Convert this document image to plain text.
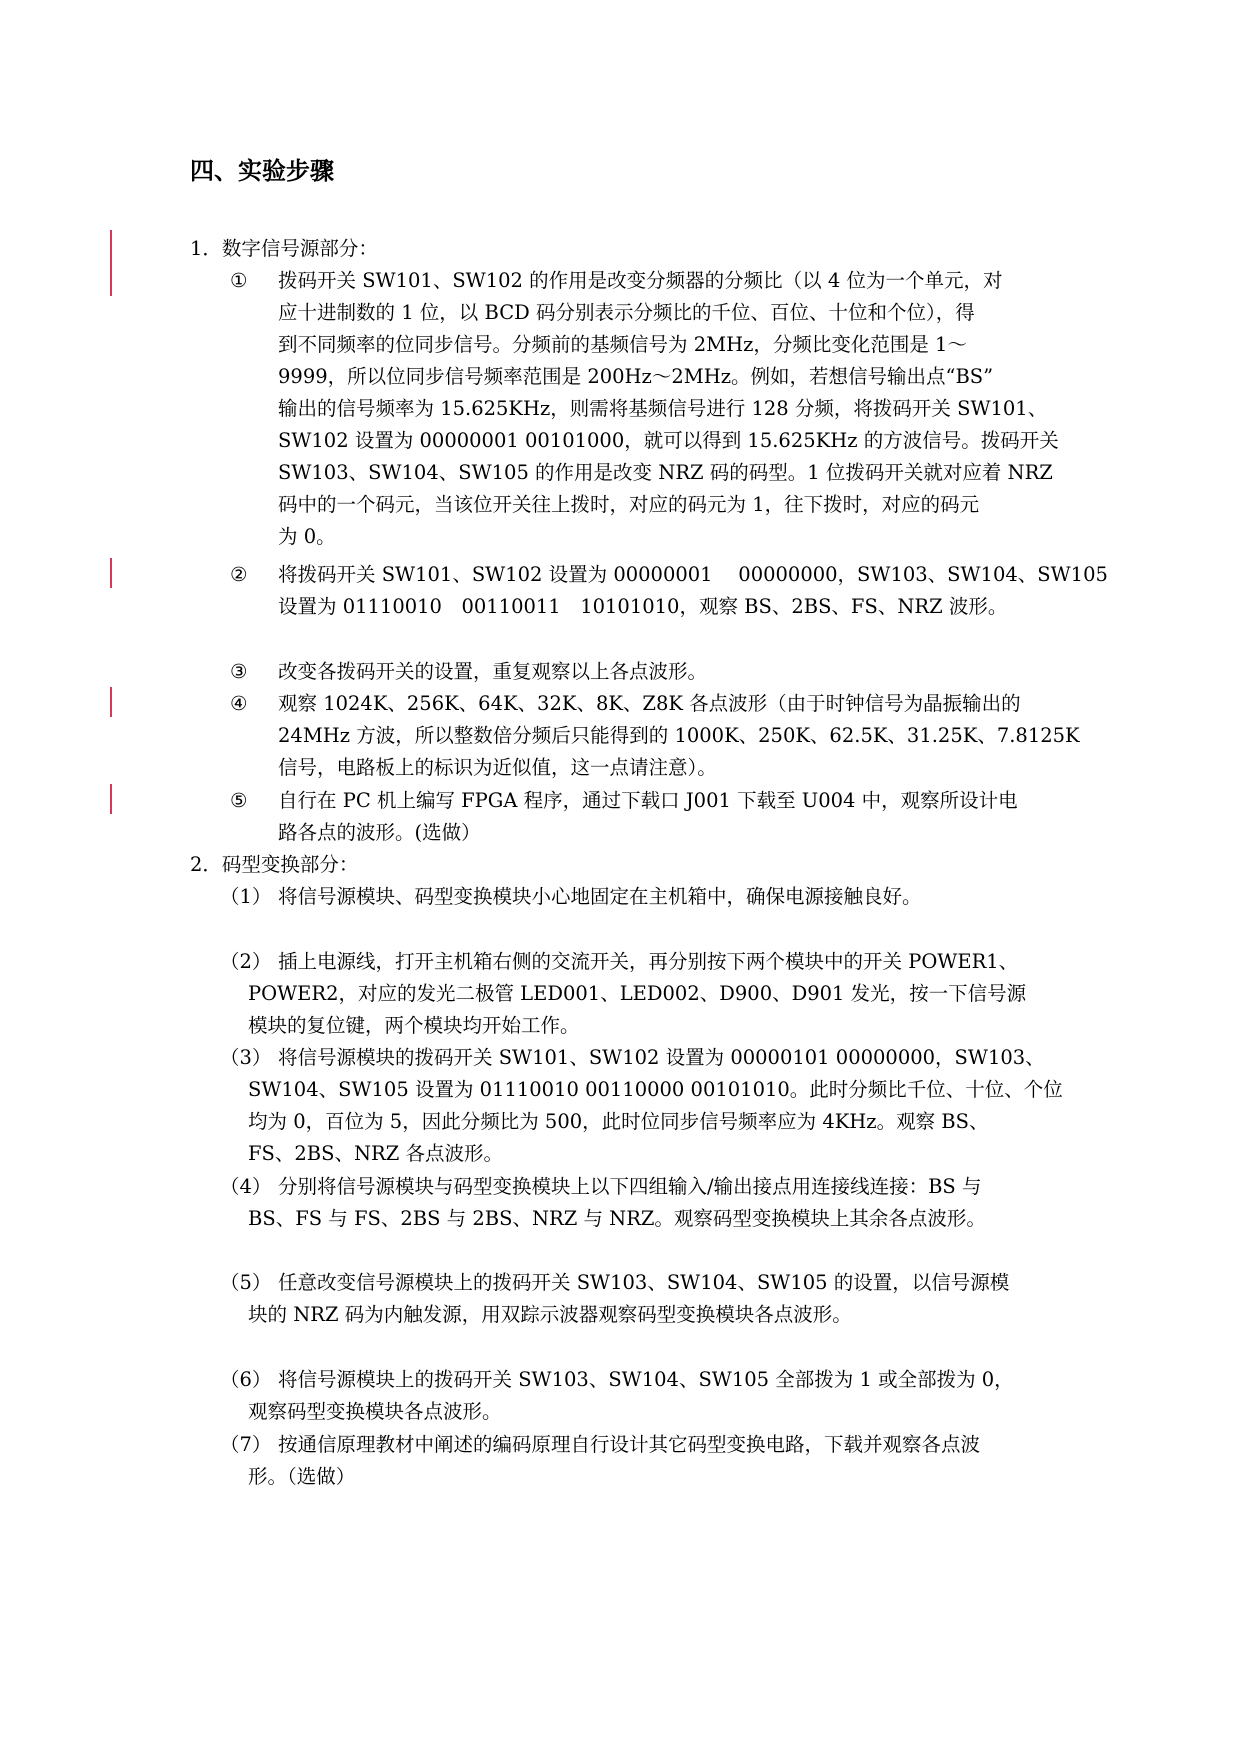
四、实验步骤
1．数字信号源部分：
① 拨码开关 SW101、SW102 的作用是改变分频器的分频比（以 4 位为一个单元，对
应十进制数的 1 位，以 BCD 码分别表示分频比的千位、百位、十位和个位），得
到不同频率的位同步信号。分频前的基频信号为 2MHz，分频比变化范围是 1～
9999，所以位同步信号频率范围是 200Hz～2MHz。例如，若想信号输出点“BS”
输出的信号频率为 15.625KHz，则需将基频信号进行 128 分频，将拨码开关 SW101、
SW102 设置为 00000001 00101000，就可以得到 15.625KHz 的方波信号。拨码开关
SW103、SW104、SW105 的作用是改变 NRZ 码的码型。1 位拨码开关就对应着 NRZ
码中的一个码元，当该位开关往上拨时，对应的码元为 1，往下拨时，对应的码元
为 0。
② 将拨码开关 SW101、SW102 设置为 00000001　 00000000，SW103、SW104、SW105
设置为 01110010　00110011　10101010，观察 BS、2BS、FS、NRZ 波形。
③ 改变各拨码开关的设置，重复观察以上各点波形。
④ 观察 1024K、256K、64K、32K、8K、Z8K 各点波形（由于时钟信号为晶振输出的
24MHz 方波，所以整数倍分频后只能得到的 1000K、250K、62.5K、31.25K、7.8125K
信号，电路板上的标识为近似值，这一点请注意）。
⑤ 自行在 PC 机上编写 FPGA 程序，通过下载口 J001 下载至 U004 中，观察所设计电
路各点的波形。(选做）
2．码型变换部分：
（1） 将信号源模块、码型变换模块小心地固定在主机箱中，确保电源接触良好。
（2） 插上电源线，打开主机箱右侧的交流开关，再分别按下两个模块中的开关 POWER1、
POWER2，对应的发光二极管 LED001、LED002、D900、D901 发光，按一下信号源
模块的复位键，两个模块均开始工作。
（3） 将信号源模块的拨码开关 SW101、SW102 设置为 00000101 00000000，SW103、
SW104、SW105 设置为 01110010 00110000 00101010。此时分频比千位、十位、个位
均为 0，百位为 5，因此分频比为 500，此时位同步信号频率应为 4KHz。观察 BS、
FS、2BS、NRZ 各点波形。
（4） 分别将信号源模块与码型变换模块上以下四组输入/输出接点用连接线连接：BS 与
BS、FS 与 FS、2BS 与 2BS、NRZ 与 NRZ。观察码型变换模块上其余各点波形。
（5） 任意改变信号源模块上的拨码开关 SW103、SW104、SW105 的设置，以信号源模
块的 NRZ 码为内触发源，用双踪示波器观察码型变换模块各点波形。
（6） 将信号源模块上的拨码开关 SW103、SW104、SW105 全部拨为 1 或全部拨为 0，
观察码型变换模块各点波形。
（7） 按通信原理教材中阐述的编码原理自行设计其它码型变换电路，下载并观察各点波
形。（选做）
